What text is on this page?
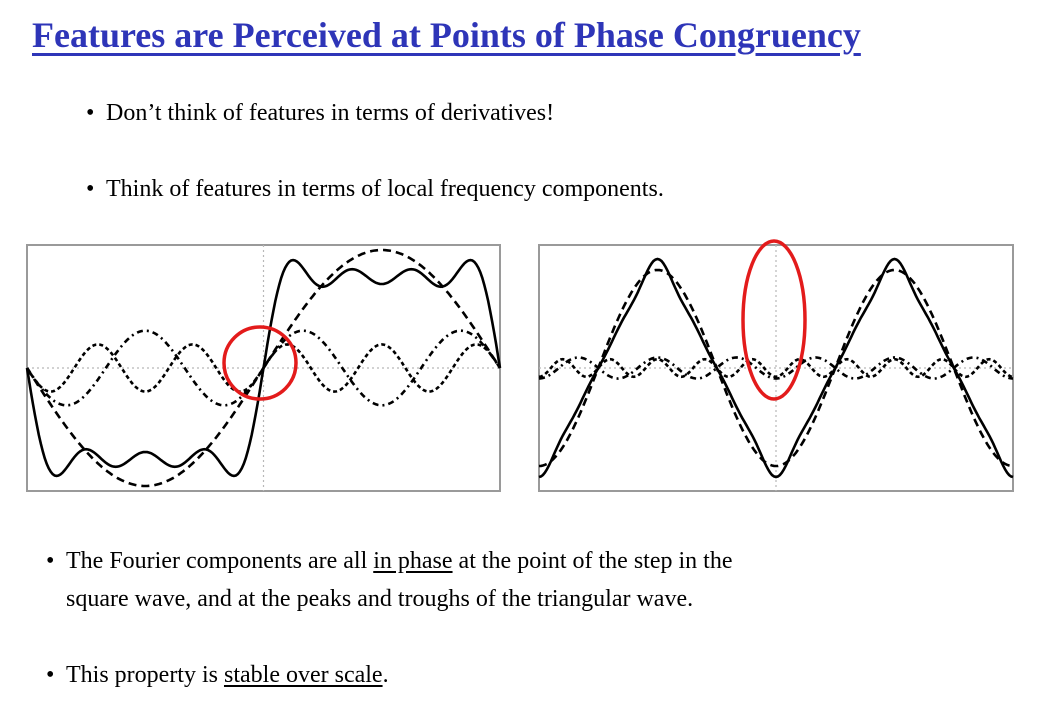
Features are Perceived at Points of Phase Congruency

• Don’t think of features in terms of derivatives!

• Think of features in terms of local frequency components.

• The Fourier components are all in phase at the point of the step in the

square wave, and at the peaks and troughs of the triangular wave.

• This property is stable over scale.
